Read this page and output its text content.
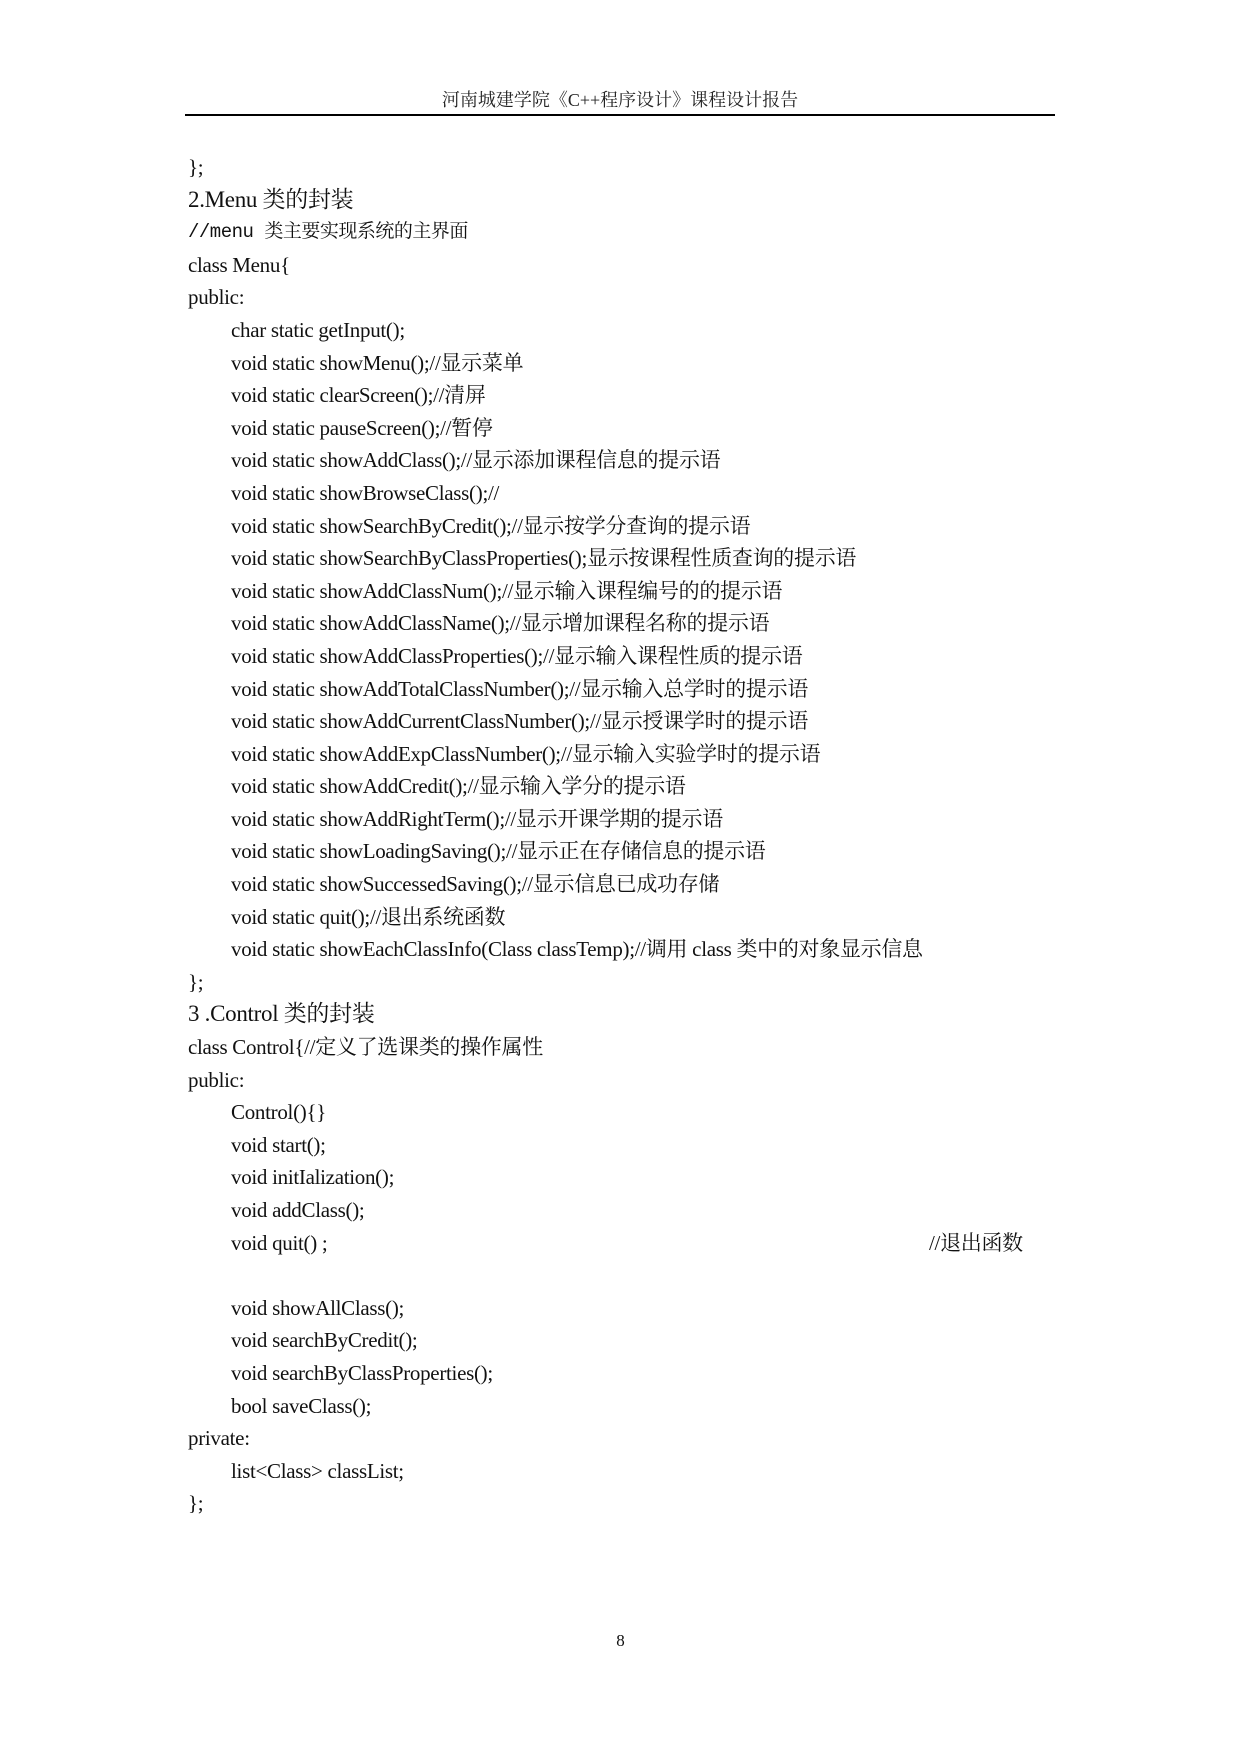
河南城建学院《C++程序设计》课程设计报告
};
2.Menu 类的封装
//menu 类主要实现系统的主界面
class Menu{
public:
char static getInput();
void static showMenu();//显示菜单
void static clearScreen();//清屏
void static pauseScreen();//暂停
void static showAddClass();//显示添加课程信息的提示语
void static showBrowseClass();//
void static showSearchByCredit();//显示按学分查询的提示语
void static showSearchByClassProperties();显示按课程性质查询的提示语
void static showAddClassNum();//显示输入课程编号的的提示语
void static showAddClassName();//显示增加课程名称的提示语
void static showAddClassProperties();//显示输入课程性质的提示语
void static showAddTotalClassNumber();//显示输入总学时的提示语
void static showAddCurrentClassNumber();//显示授课学时的提示语
void static showAddExpClassNumber();//显示输入实验学时的提示语
void static showAddCredit();//显示输入学分的提示语
void static showAddRightTerm();//显示开课学期的提示语
void static showLoadingSaving();//显示正在存储信息的提示语
void static showSuccessedSaving();//显示信息已成功存储
void static quit();//退出系统函数
void static showEachClassInfo(Class classTemp);//调用 class 类中的对象显示信息
};
3 .Control 类的封装
class Control{//定义了选课类的操作属性
public:
Control(){}
void start();
void initIalization();
void addClass();
void quit() ;	//退出函数
void showAllClass();
void searchByCredit();
void searchByClassProperties();
bool saveClass();
private:
list<Class> classList;
};
8
